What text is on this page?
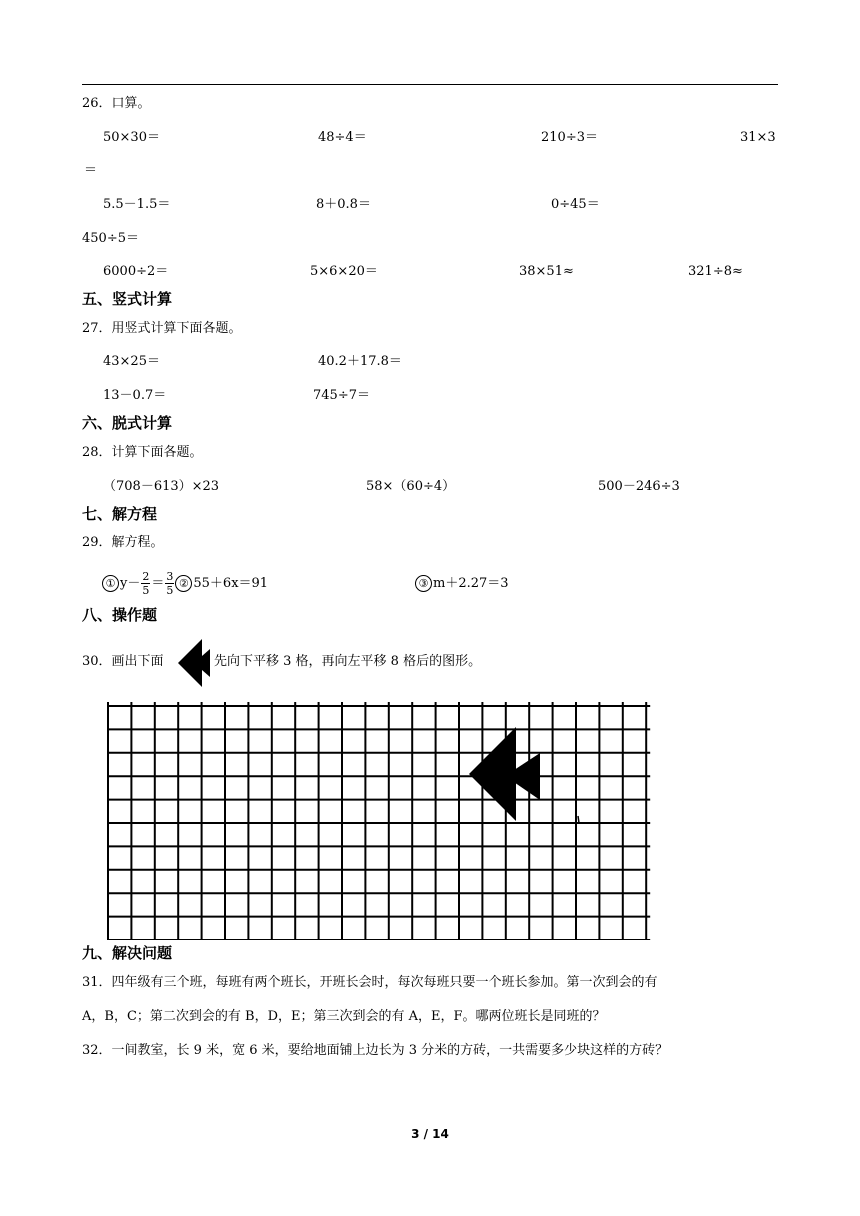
26．口算。
50×30＝	48÷4＝	210÷3＝	31×3
＝
5.5－1.5＝	8＋0.8＝	0÷45＝
450÷5＝
6000÷2＝	5×6×20＝	38×51≈	321÷8≈
五、竖式计算
27．用竖式计算下面各题。
43×25＝	40.2＋17.8＝
13－0.7＝	745÷7＝
六、脱式计算
28．计算下面各题。
（708－613）×23	58×（60÷4）	500－246÷3
七、解方程
29．解方程。
① $y- \frac{2}{5} = \frac{3}{5}$ ② 55＋6x＝91	③ m＋2.27＝3
八、操作题
30．画出下面	先向下平移 3 格，再向左平移 8 格后的图形。
九、解决问题
31．四年级有三个班，每班有两个班长，开班长会时，每次每班只要一个班长参加。第一次到会的有
A，B，C；第二次到会的有 B，D，E；第三次到会的有 A，E，F。哪两位班长是同班的？
32．一间教室，长 9 米，宽 6 米，要给地面铺上边长为 3 分米的方砖，一共需要多少块这样的方砖？
3 / 14
